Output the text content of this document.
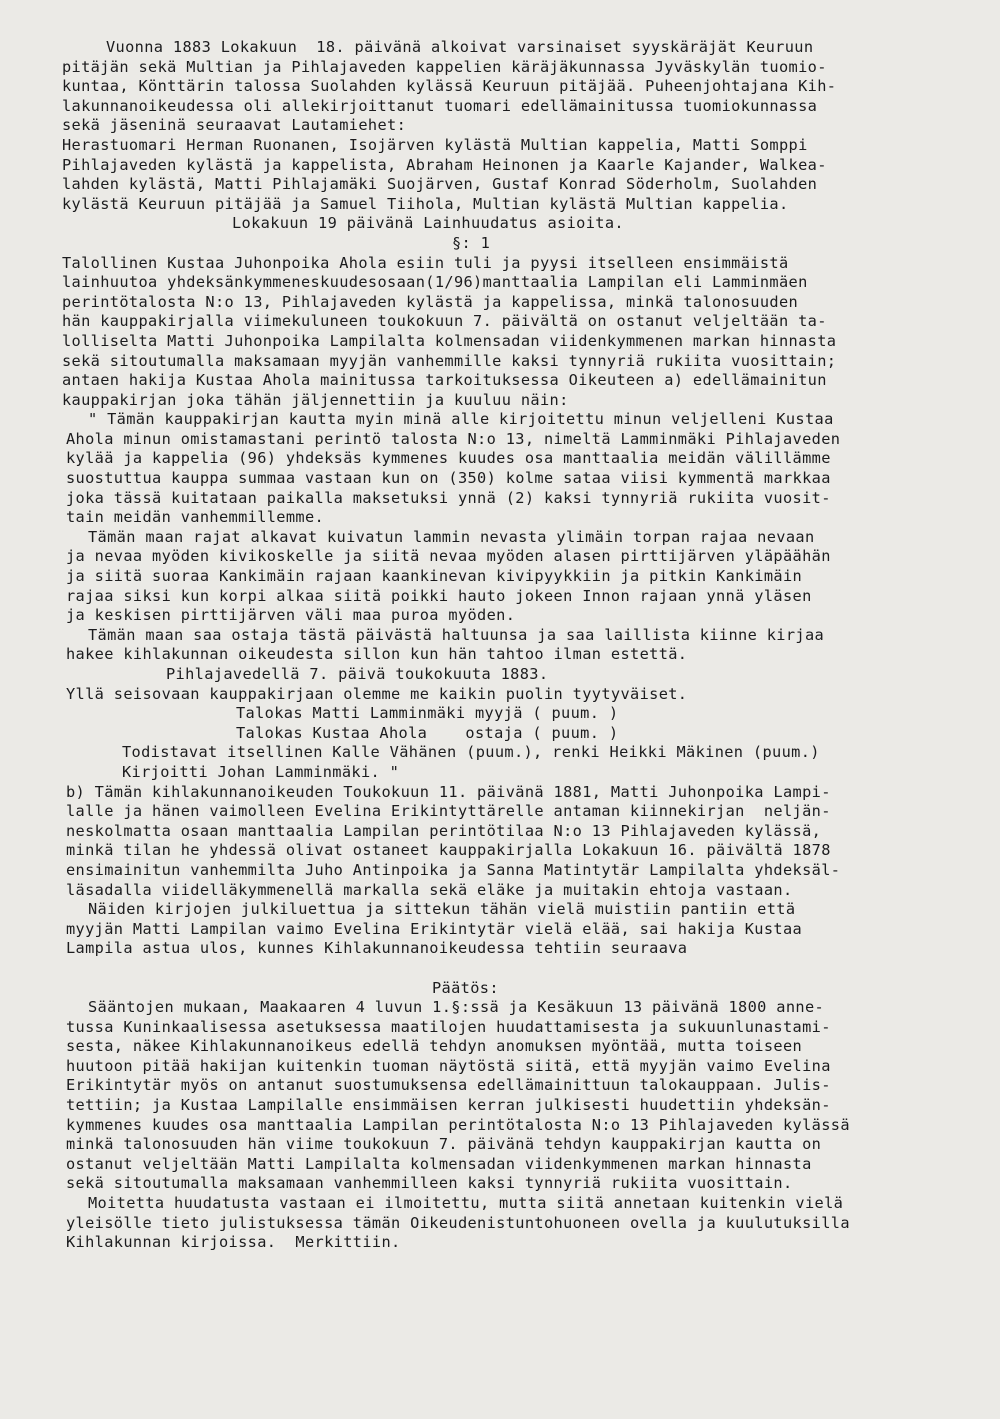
Vuonna 1883 Lokakuun  18. päivänä alkoivat varsinaiset syyskäräjät Keuruun
pitäjän sekä Multian ja Pihlajaveden kappelien käräjäkunnassa Jyväskylän tuomio-
kuntaa, Könttärin talossa Suolahden kylässä Keuruun pitäjää. Puheenjohtajana Kih-
lakunnanoikeudessa oli allekirjoittanut tuomari edellämainitussa tuomiokunnassa
sekä jäseninä seuraavat Lautamiehet:
Herastuomari Herman Ruonanen, Isojärven kylästä Multian kappelia, Matti Somppi
Pihlajaveden kylästä ja kappelista, Abraham Heinonen ja Kaarle Kajander, Walkea-
lahden kylästä, Matti Pihlajamäki Suojärven, Gustaf Konrad Söderholm, Suolahden
kylästä Keuruun pitäjää ja Samuel Tiihola, Multian kylästä Multian kappelia.
Lokakuun 19 päivänä Lainhuudatus asioita.
§: 1
Talollinen Kustaa Juhonpoika Ahola esiin tuli ja pyysi itselleen ensimmäistä
lainhuutoa yhdeksänkymmeneskuudesosaan(1/96)manttaalia Lampilan eli Lamminmäen
perintötalosta N:o 13, Pihlajaveden kylästä ja kappelissa, minkä talonosuuden
hän kauppakirjalla viimekuluneen toukokuun 7. päivältä on ostanut veljeltään ta-
lolliselta Matti Juhonpoika Lampilalta kolmensadan viidenkymmenen markan hinnasta
sekä sitoutumalla maksamaan myyjän vanhemmille kaksi tynnyriä rukiita vuosittain;
antaen hakija Kustaa Ahola mainitussa tarkoituksessa Oikeuteen a) edellämainitun
kauppakirjan joka tähän jäljennettiin ja kuuluu näin:
" Tämän kauppakirjan kautta myin minä alle kirjoitettu minun veljelleni Kustaa
Ahola minun omistamastani perintö talosta N:o 13, nimeltä Lamminmäki Pihlajaveden
kylää ja kappelia (96) yhdeksäs kymmenes kuudes osa manttaalia meidän välillämme
suostuttua kauppa summaa vastaan kun on (350) kolme sataa viisi kymmentä markkaa
joka tässä kuitataan paikalla maksetuksi ynnä (2) kaksi tynnyriä rukiita vuosit-
tain meidän vanhemmillemme.
Tämän maan rajat alkavat kuivatun lammin nevasta ylimäin torpan rajaa nevaan
ja nevaa myöden kivikoskelle ja siitä nevaa myöden alasen pirttijärven yläpäähän
ja siitä suoraa Kankimäin rajaan kaankinevan kivipyykkiin ja pitkin Kankimäin
rajaa siksi kun korpi alkaa siitä poikki hauto jokeen Innon rajaan ynnä yläsen
ja keskisen pirttijärven väli maa puroa myöden.
Tämän maan saa ostaja tästä päivästä haltuunsa ja saa laillista kiinne kirjaa
hakee kihlakunnan oikeudesta sillon kun hän tahtoo ilman estettä.
Pihlajavedellä 7. päivä toukokuuta 1883.
Yllä seisovaan kauppakirjaan olemme me kaikin puolin tyytyväiset.
Talokas Matti Lamminmäki myyjä ( puum. )
Talokas Kustaa Ahola    ostaja ( puum. )
Todistavat itsellinen Kalle Vähänen (puum.), renki Heikki Mäkinen (puum.)
Kirjoitti Johan Lamminmäki. "
b) Tämän kihlakunnanoikeuden Toukokuun 11. päivänä 1881, Matti Juhonpoika Lampi-
lalle ja hänen vaimolleen Evelina Erikintyttärelle antaman kiinnekirjan  neljän-
neskolmatta osaan manttaalia Lampilan perintötilaa N:o 13 Pihlajaveden kylässä,
minkä tilan he yhdessä olivat ostaneet kauppakirjalla Lokakuun 16. päivältä 1878
ensimainitun vanhemmilta Juho Antinpoika ja Sanna Matintytär Lampilalta yhdeksäl-
läsadalla viidelläkymmenellä markalla sekä eläke ja muitakin ehtoja vastaan.
Näiden kirjojen julkiluettua ja sittekun tähän vielä muistiin pantiin että
myyjän Matti Lampilan vaimo Evelina Erikintytär vielä elää, sai hakija Kustaa
Lampila astua ulos, kunnes Kihlakunnanoikeudessa tehtiin seuraava
Päätös:
Sääntojen mukaan, Maakaaren 4 luvun 1.§:ssä ja Kesäkuun 13 päivänä 1800 anne-
tussa Kuninkaalisessa asetuksessa maatilojen huudattamisesta ja sukuunlunastami-
sesta, näkee Kihlakunnanoikeus edellä tehdyn anomuksen myöntää, mutta toiseen
huutoon pitää hakijan kuitenkin tuoman näytöstä siitä, että myyjän vaimo Evelina
Erikintytär myös on antanut suostumuksensa edellämainittuun talokauppaan. Julis-
tettiin; ja Kustaa Lampilalle ensimmäisen kerran julkisesti huudettiin yhdeksän-
kymmenes kuudes osa manttaalia Lampilan perintötalosta N:o 13 Pihlajaveden kylässä
minkä talonosuuden hän viime toukokuun 7. päivänä tehdyn kauppakirjan kautta on
ostanut veljeltään Matti Lampilalta kolmensadan viidenkymmenen markan hinnasta
sekä sitoutumalla maksamaan vanhemmilleen kaksi tynnyriä rukiita vuosittain.
Moitetta huudatusta vastaan ei ilmoitettu, mutta siitä annetaan kuitenkin vielä
yleisölle tieto julistuksessa tämän Oikeudenistuntohuoneen ovella ja kuulutuksilla
Kihlakunnan kirjoissa.  Merkittiin.
